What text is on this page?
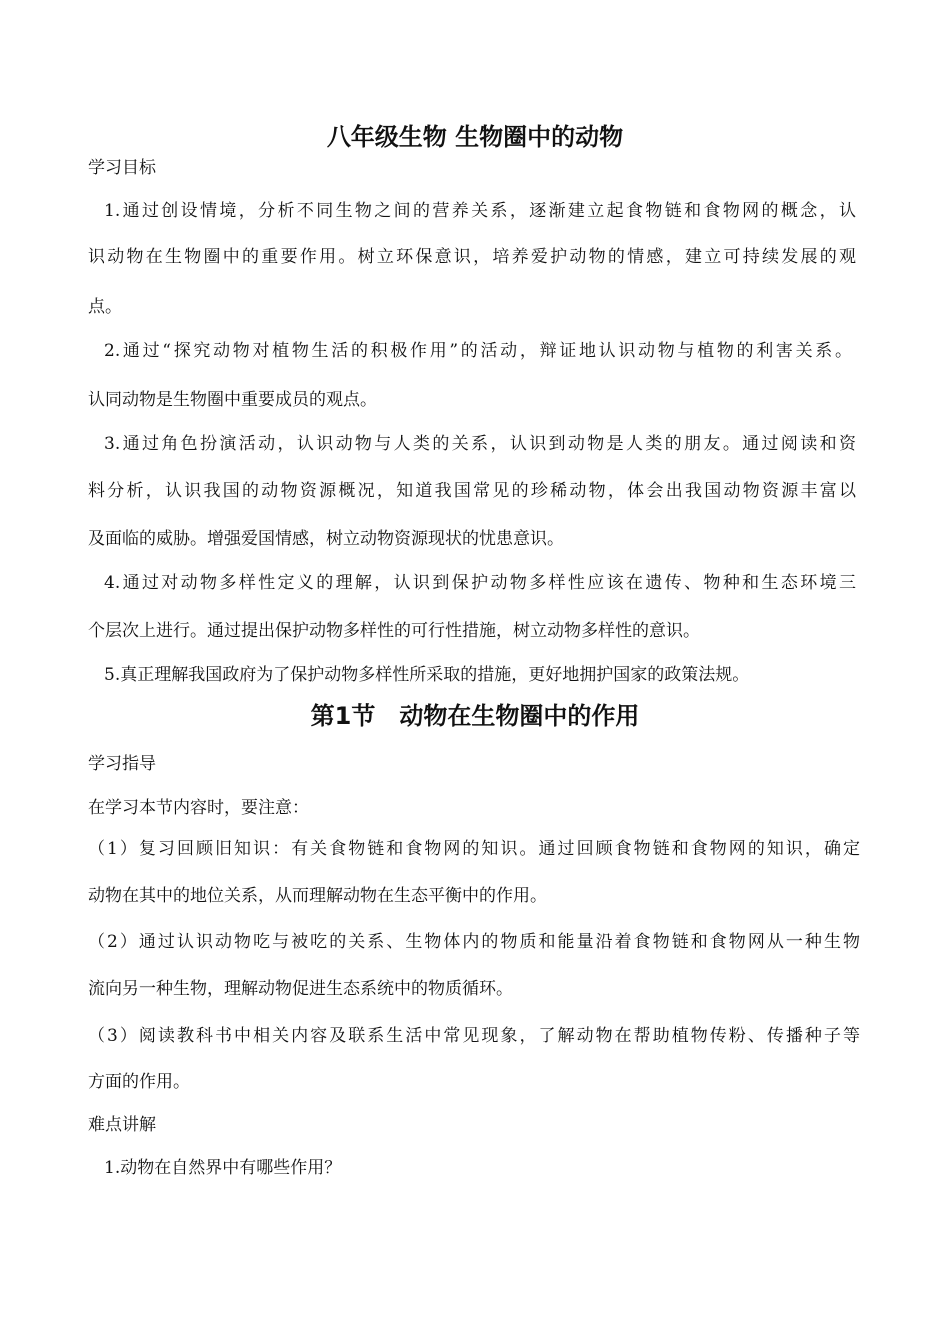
八年级生物 生物圈中的动物
学习目标
1.通过创设情境，分析不同生物之间的营养关系，逐渐建立起食物链和食物网的概念，认
识动物在生物圈中的重要作用。树立环保意识，培养爱护动物的情感，建立可持续发展的观
点。
2.通过“探究动物对植物生活的积极作用”的活动，辩证地认识动物与植物的利害关系。
认同动物是生物圈中重要成员的观点。
3.通过角色扮演活动，认识动物与人类的关系，认识到动物是人类的朋友。通过阅读和资
料分析，认识我国的动物资源概况，知道我国常见的珍稀动物，体会出我国动物资源丰富以
及面临的威胁。增强爱国情感，树立动物资源现状的忧患意识。
4.通过对动物多样性定义的理解，认识到保护动物多样性应该在遗传、物种和生态环境三
个层次上进行。通过提出保护动物多样性的可行性措施，树立动物多样性的意识。
5.真正理解我国政府为了保护动物多样性所采取的措施，更好地拥护国家的政策法规。
第1节　动物在生物圈中的作用
学习指导
在学习本节内容时，要注意：
（1）复习回顾旧知识：有关食物链和食物网的知识。通过回顾食物链和食物网的知识，确定
动物在其中的地位关系，从而理解动物在生态平衡中的作用。
（2）通过认识动物吃与被吃的关系、生物体内的物质和能量沿着食物链和食物网从一种生物
流向另一种生物，理解动物促进生态系统中的物质循环。
（3）阅读教科书中相关内容及联系生活中常见现象，了解动物在帮助植物传粉、传播种子等
方面的作用。
难点讲解
1.动物在自然界中有哪些作用？
